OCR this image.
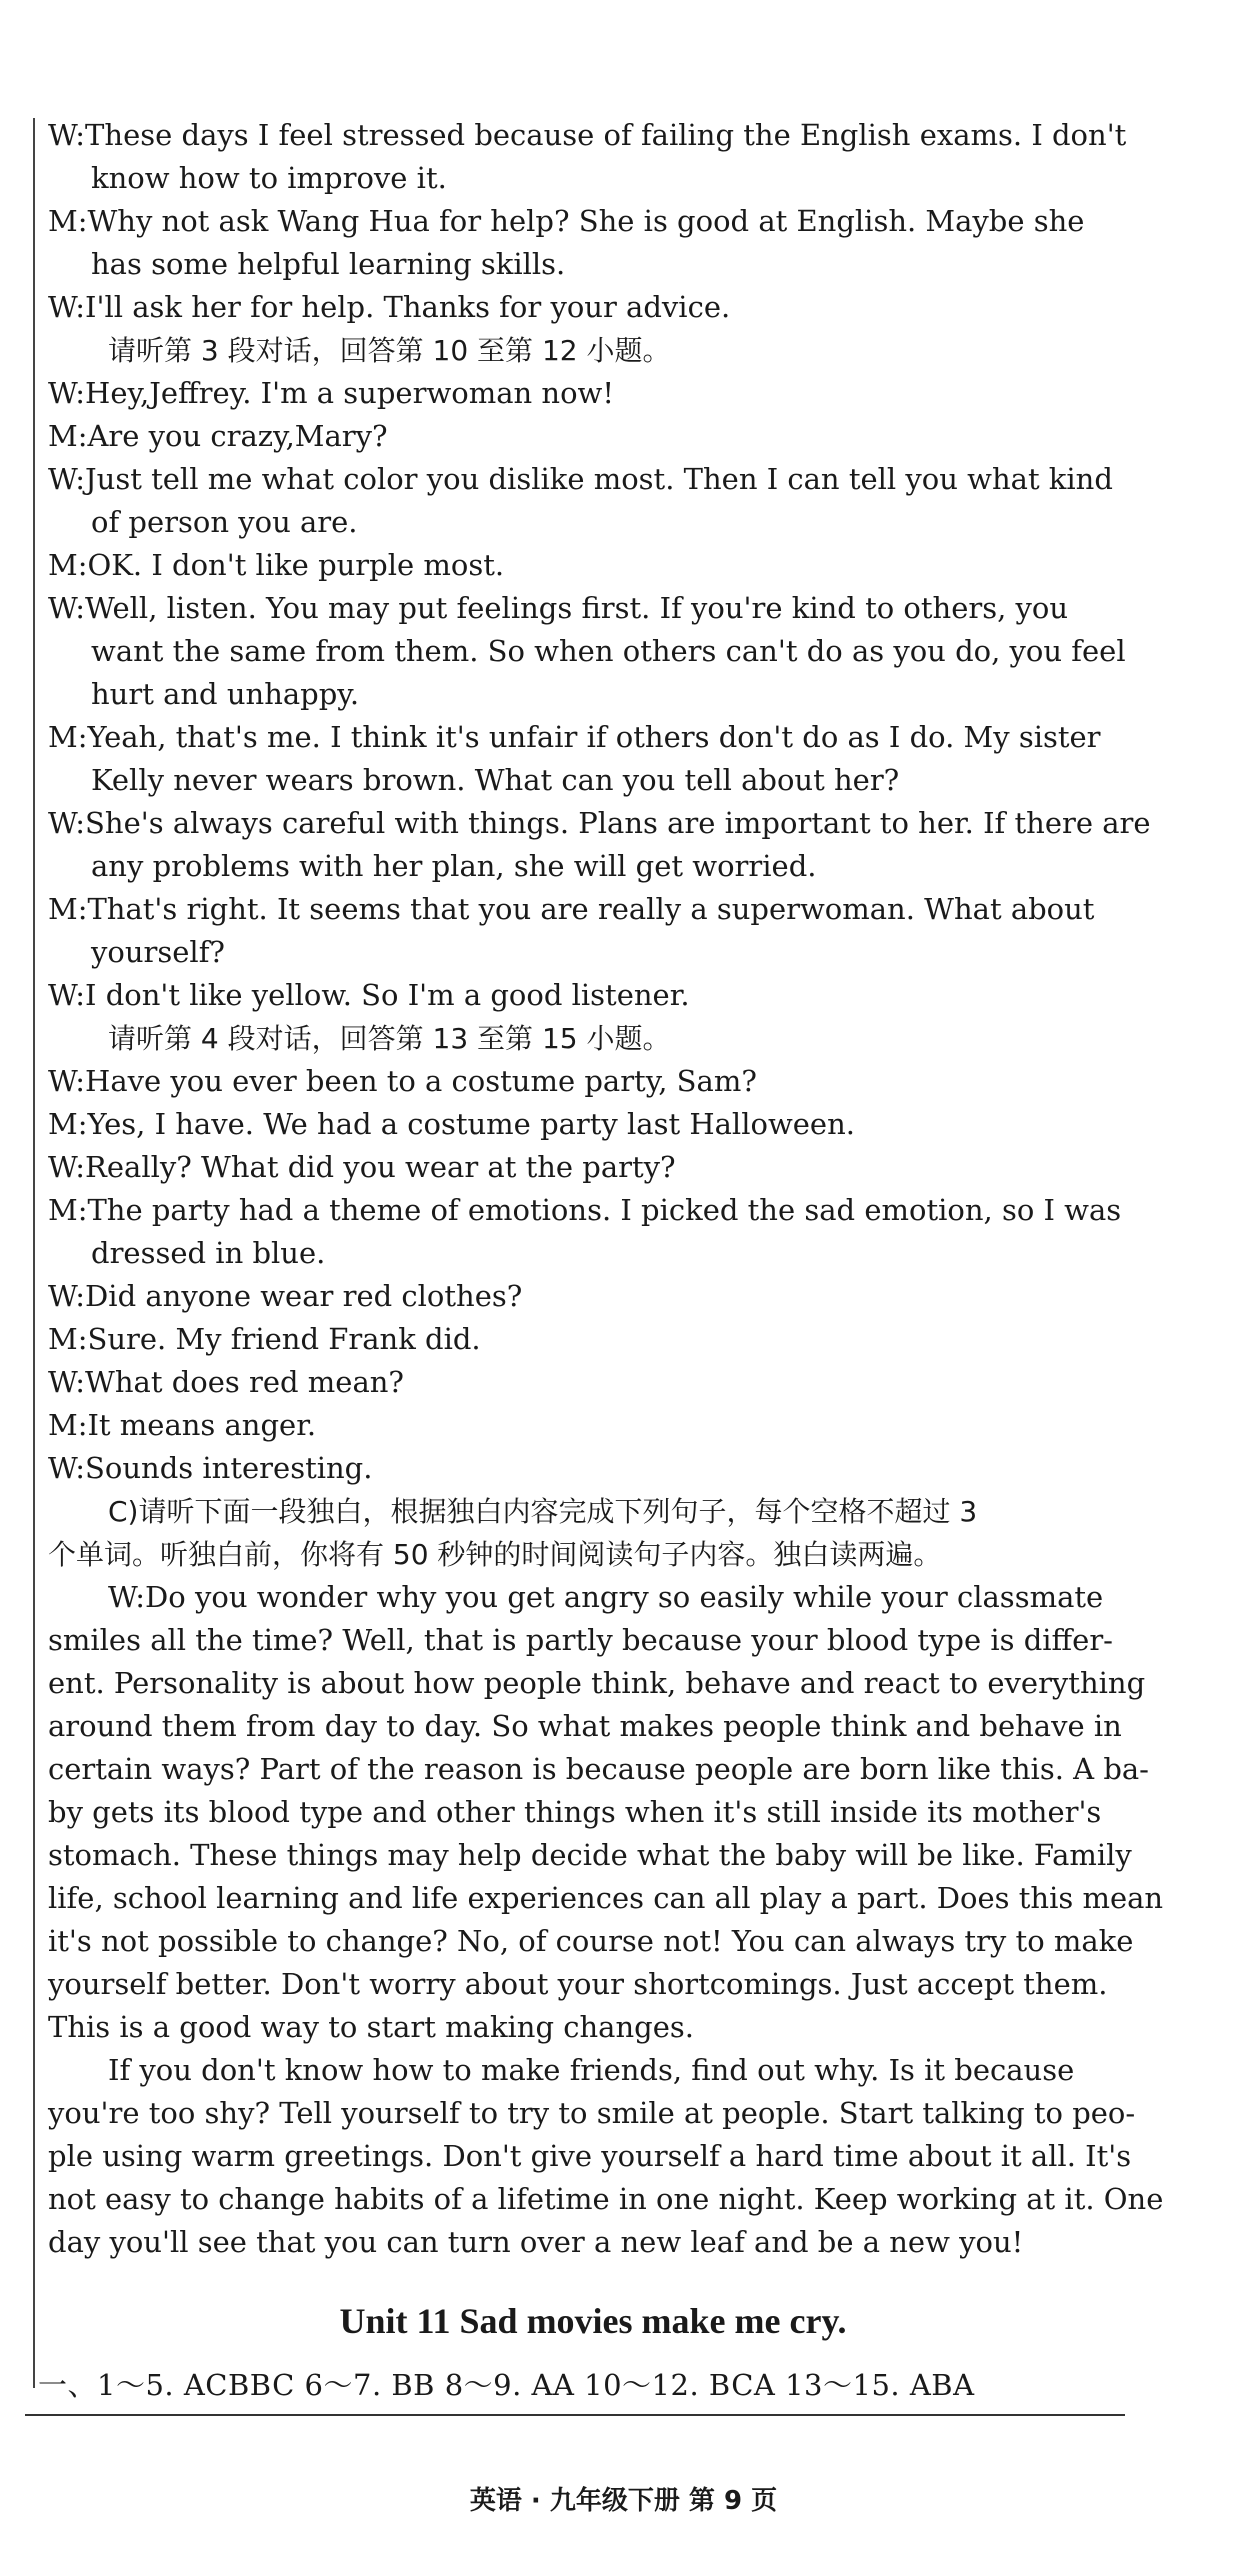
W:These days I feel stressed because of failing the English exams. I don't

know how to improve it.

M:Why not ask Wang Hua for help? She is good at English. Maybe she

has some helpful learning skills.

W:I'll ask her for help. Thanks for your advice.

请听第 3 段对话，回答第 10 至第 12 小题。

W:Hey,Jeffrey. I'm a superwoman now!

M:Are you crazy,Mary?

W:Just tell me what color you dislike most. Then I can tell you what kind

of person you are.

M:OK. I don't like purple most.

W:Well, listen. You may put feelings first. If you're kind to others, you

want the same from them. So when others can't do as you do, you feel

hurt and unhappy.

M:Yeah, that's me. I think it's unfair if others don't do as I do. My sister

Kelly never wears brown. What can you tell about her?

W:She's always careful with things. Plans are important to her. If there are

any problems with her plan, she will get worried.

M:That's right. It seems that you are really a superwoman. What about

yourself?

W:I don't like yellow. So I'm a good listener.

请听第 4 段对话，回答第 13 至第 15 小题。

W:Have you ever been to a costume party, Sam?

M:Yes, I have. We had a costume party last Halloween.

W:Really? What did you wear at the party?

M:The party had a theme of emotions. I picked the sad emotion, so I was

dressed in blue.

W:Did anyone wear red clothes?

M:Sure. My friend Frank did.

W:What does red mean?

M:It means anger.

W:Sounds interesting.

C)请听下面一段独白，根据独白内容完成下列句子，每个空格不超过 3

个单词。听独白前，你将有 50 秒钟的时间阅读句子内容。独白读两遍。

W:Do you wonder why you get angry so easily while your classmate

smiles all the time? Well, that is partly because your blood type is differ-

ent. Personality is about how people think, behave and react to everything

around them from day to day. So what makes people think and behave in

certain ways? Part of the reason is because people are born like this. A ba-

by gets its blood type and other things when it's still inside its mother's

stomach. These things may help decide what the baby will be like. Family

life, school learning and life experiences can all play a part. Does this mean

it's not possible to change? No, of course not! You can always try to make

yourself better. Don't worry about your shortcomings. Just accept them.

This is a good way to start making changes.

If you don't know how to make friends, find out why. Is it because

you're too shy? Tell yourself to try to smile at people. Start talking to peo-

ple using warm greetings. Don't give yourself a hard time about it all. It's

not easy to change habits of a lifetime in one night. Keep working at it. One

day you'll see that you can turn over a new leaf and be a new you!

Unit 11 Sad movies make me cry.
一、1～5. ACBBC 6～7. BB 8～9. AA 10～12. BCA 13～15. ABA
英语 · 九年级下册 第 9 页
